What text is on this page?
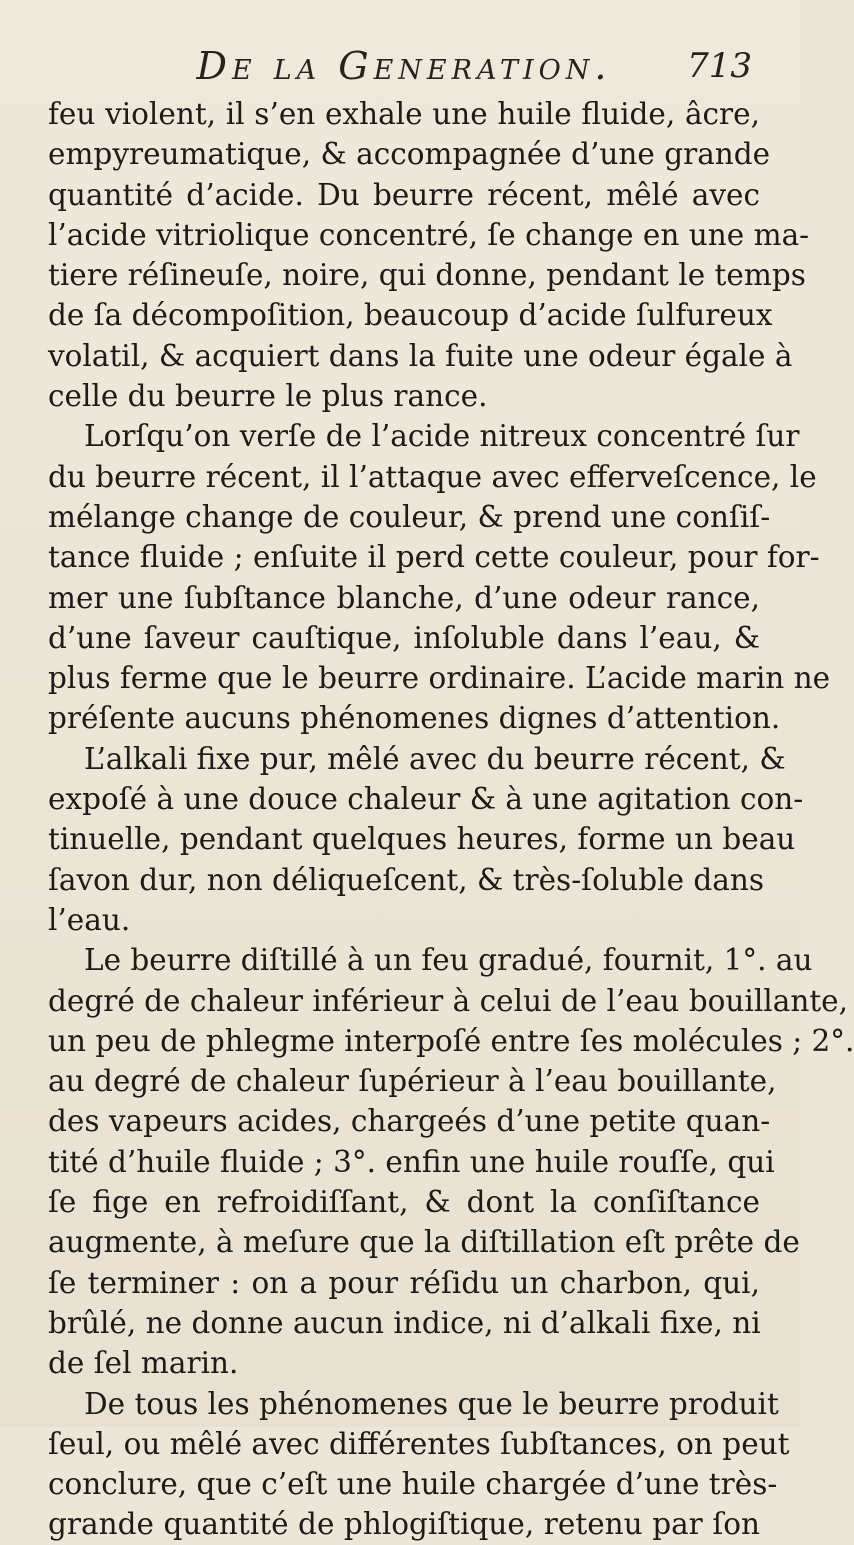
De la Generation.	713
feu violent, il s’en exhale une huile fluide, âcre,
empyreumatique, & accompagnée d’une grande
quantité d’acide. Du beurre récent, mêlé avec
l’acide vitriolique concentré, ſe change en une ma-
tiere réſineuſe, noire, qui donne, pendant le temps
de ſa décompoſition, beaucoup d’acide ſulfureux
volatil, & acquiert dans la fuite une odeur égale à
celle du beurre le plus rance.
Lorſqu’on verſe de l’acide nitreux concentré ſur
du beurre récent, il l’attaque avec efferveſcence, le
mélange change de couleur, & prend une conſiſ-
tance fluide ; enſuite il perd cette couleur, pour for-
mer une ſubſtance blanche, d’une odeur rance,
d’une ſaveur cauſtique, inſoluble dans l’eau, &
plus ferme que le beurre ordinaire. L’acide marin ne
préſente aucuns phénomenes dignes d’attention.
L’alkali fixe pur, mêlé avec du beurre récent, &
expoſé à une douce chaleur & à une agitation con-
tinuelle, pendant quelques heures, forme un beau
ſavon dur, non déliqueſcent, & très-ſoluble dans
l’eau.
Le beurre diſtillé à un feu gradué, fournit, 1°. au
degré de chaleur inférieur à celui de l’eau bouillante,
un peu de phlegme interpoſé entre ſes molécules ; 2°.
au degré de chaleur ſupérieur à l’eau bouillante,
des vapeurs acides, chargeés d’une petite quan-
tité d’huile fluide ; 3°. enfin une huile rouſſe, qui
ſe fige en refroidiſſant, & dont la conſiſtance
augmente, à meſure que la diſtillation eſt prête de
ſe terminer : on a pour réſidu un charbon, qui,
brûlé, ne donne aucun indice, ni d’alkali fixe, ni
de ſel marin.
De tous les phénomenes que le beurre produit
ſeul, ou mêlé avec différentes ſubſtances, on peut
conclure, que c’eſt une huile chargée d’une très-
grande quantité de phlogiſtique, retenu par ſon
